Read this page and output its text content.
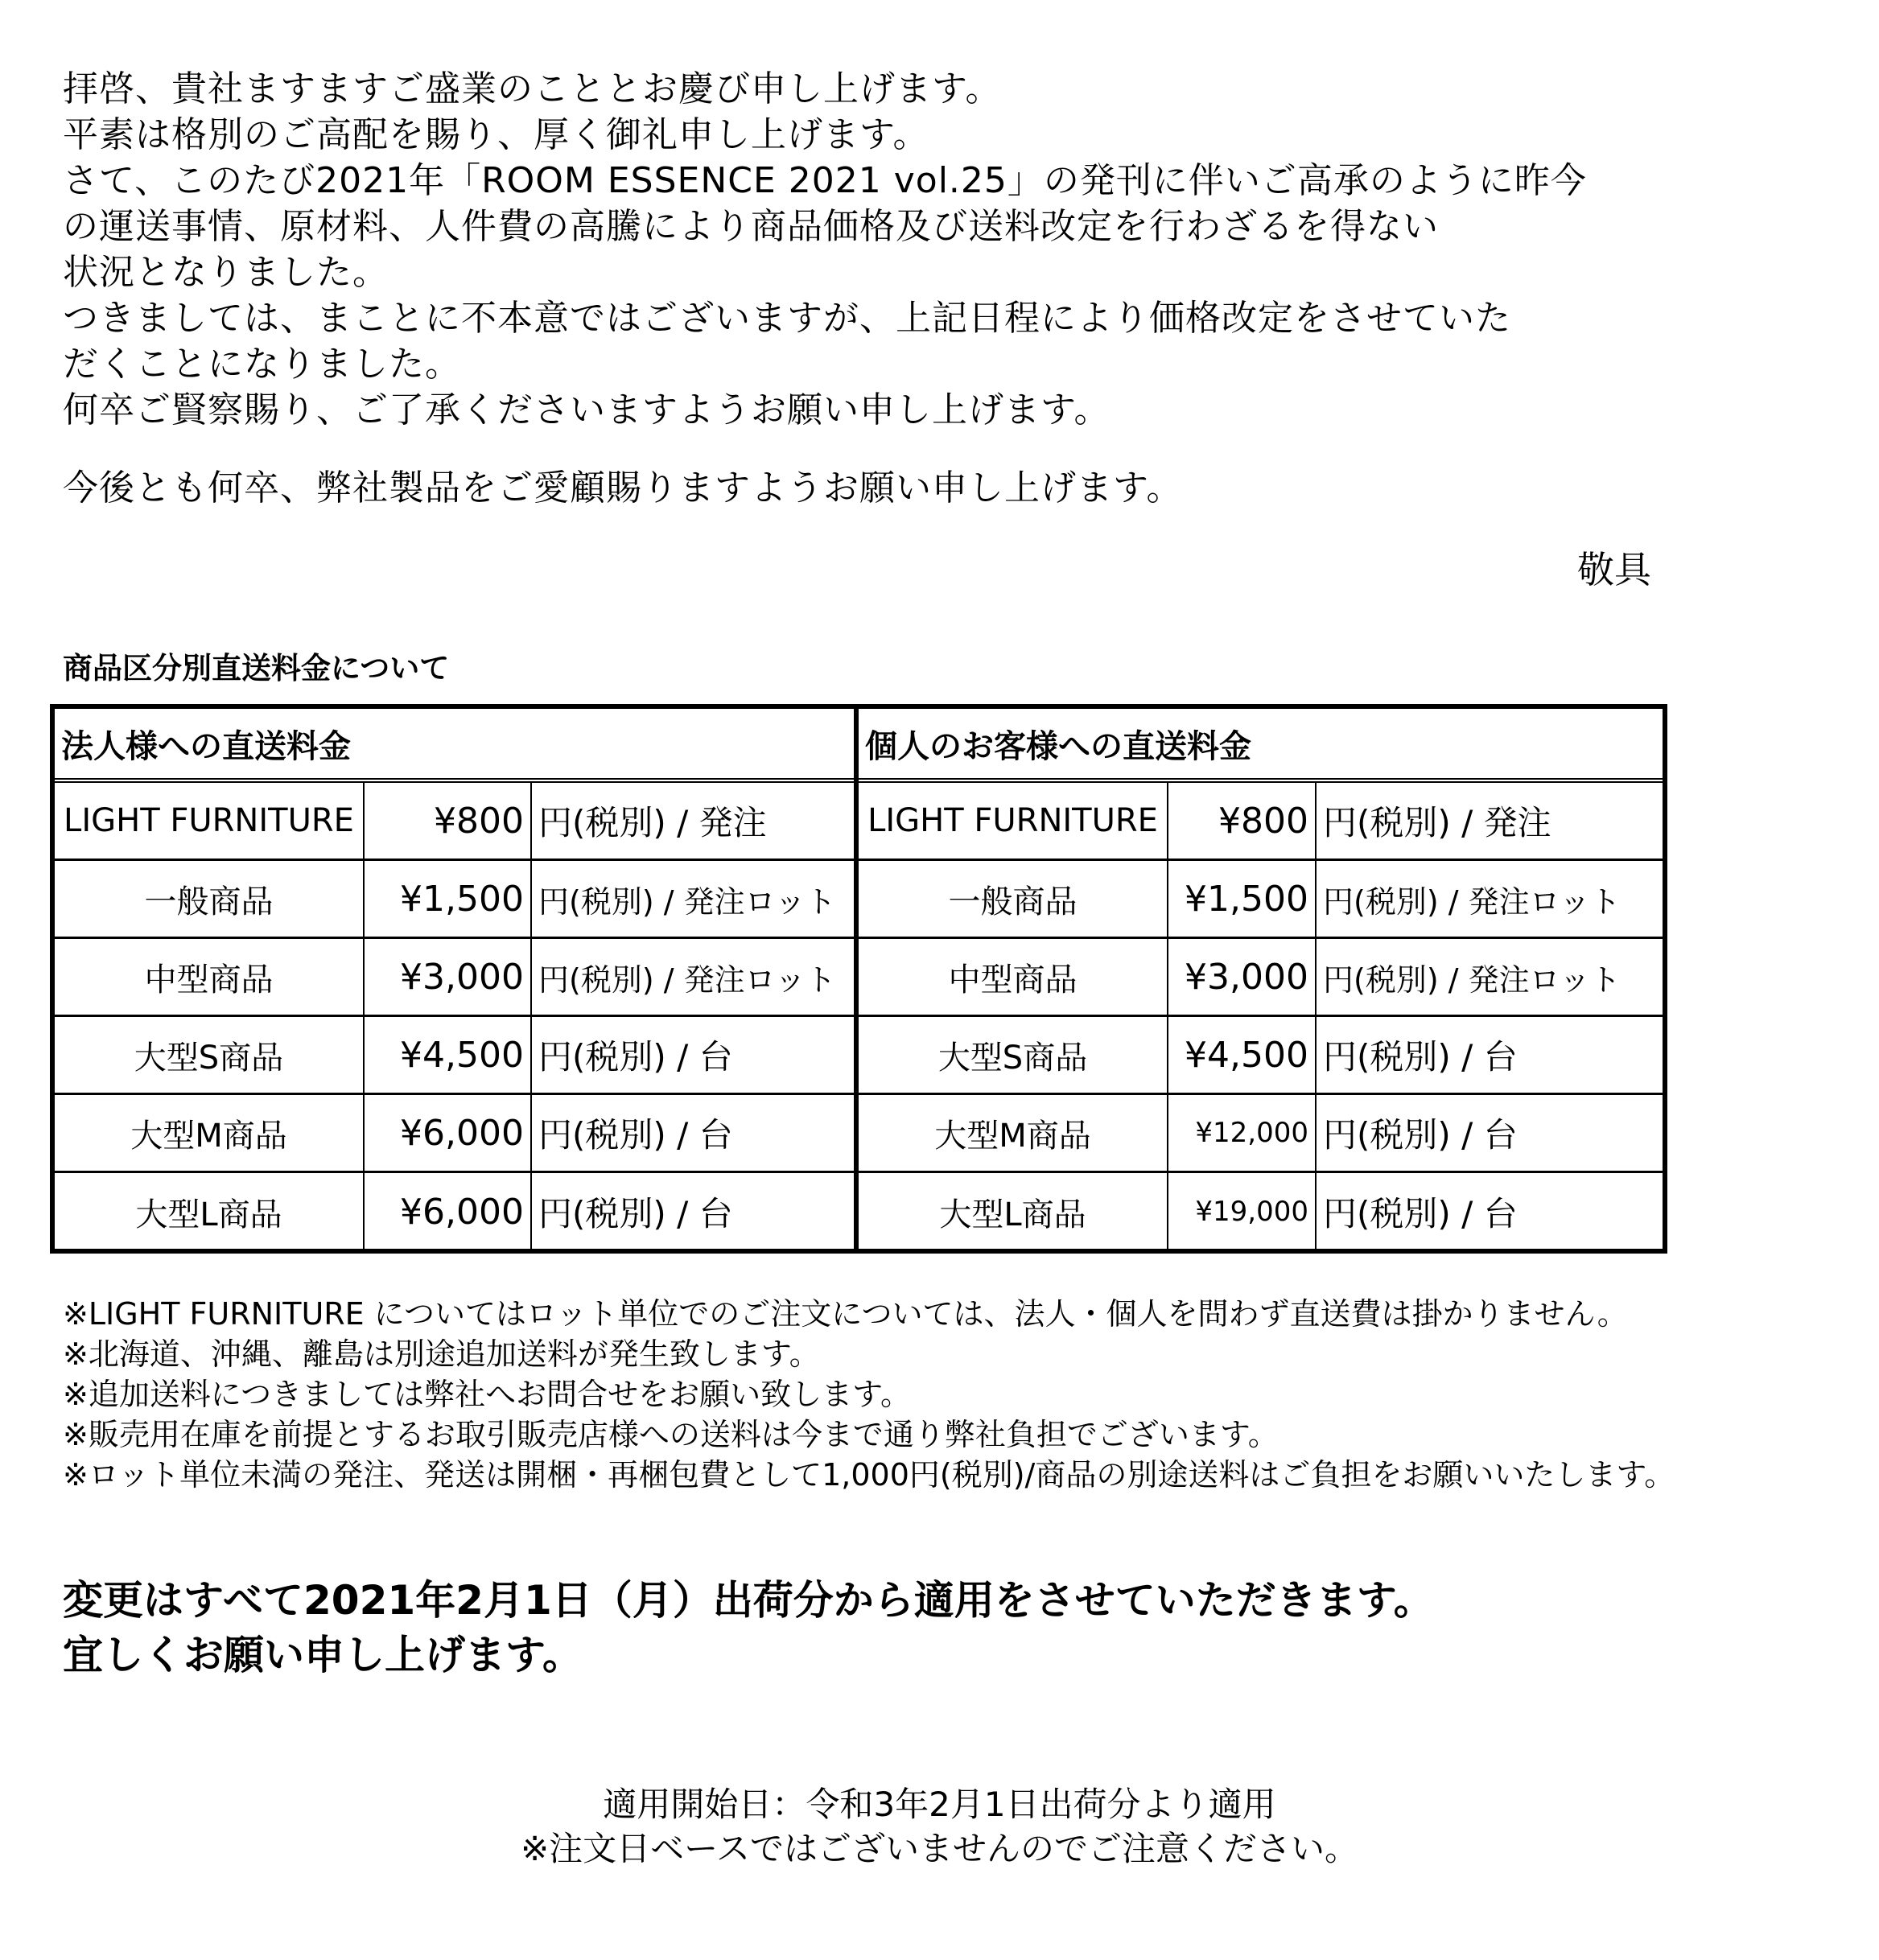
拝啓、貴社ますますご盛業のこととお慶び申し上げます。

平素は格別のご高配を賜り、厚く御礼申し上げます。

さて、このたび2021年「ROOM ESSENCE 2021 vol.25」の発刊に伴いご高承のように昨今

の運送事情、原材料、人件費の高騰により商品価格及び送料改定を行わざるを得ない

状況となりました。

つきましては、まことに不本意ではございますが、上記日程により価格改定をさせていた

だくことになりました。

何卒ご賢察賜り、ご了承くださいますようお願い申し上げます。

今後とも何卒、弊社製品をご愛顧賜りますようお願い申し上げます。

敬具
商品区分別直送料金について
法人様への直送料金
LIGHT FURNITURE	¥800 円(税別) / 発注
一般商品	¥1,500 円(税別) / 発注ロット
中型商品	¥3,000 円(税別) / 発注ロット
大型S商品	¥4,500 円(税別) / 台
大型M商品	¥6,000 円(税別) / 台
大型L商品	¥6,000 円(税別) / 台
個人のお客様への直送料金
LIGHT FURNITURE	¥800 円(税別) / 発注
一般商品	¥1,500 円(税別) / 発注ロット
中型商品	¥3,000 円(税別) / 発注ロット
大型S商品	¥4,500 円(税別) / 台
大型M商品	¥12,000 円(税別) / 台
大型L商品	¥19,000 円(税別) / 台

※LIGHT FURNITURE についてはロット単位でのご注文については、法人・個人を問わず直送費は掛かりません。

※北海道、沖縄、離島は別途追加送料が発生致します。

※追加送料につきましては弊社へお問合せをお願い致します。

※販売用在庫を前提とするお取引販売店様への送料は今まで通り弊社負担でございます。

※ロット単位未満の発注、発送は開梱・再梱包費として1,000円(税別)/商品の別途送料はご負担をお願いいたします。

変更はすべて2021年2月1日（月）出荷分から適用をさせていただきます。

宜しくお願い申し上げます。

適用開始日：令和3年2月1日出荷分より適用

※注文日ベースではございませんのでご注意ください。
